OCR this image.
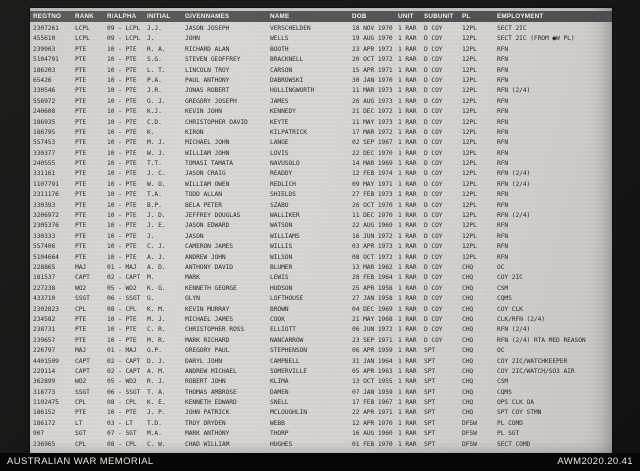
REGTNO	RANK	R/ALPHA	INITIAL	GIVENNAMES	NAME	DOB	UNIT	SUBUNIT	PL	EMPLOYMENT
2307261	LCPL	09 - LCPL	J.J.	JASON JOSEPH	VERSCHELDEN	18 NOV 1970 1 RAR	D COY	12PL	SECT 2IC
455610	LCPL	09 - LCPL	J.	JOHN	WELLS	19 AUG 1970 1 RAR	D COY	12PL	SECT 2IC (FROM ●W PL)
239003	PTE	10 - PTE	R. A.	RICHARD ALAN	BOOTH	23 APR 1972 1 RAR	D COY	12PL	RFN
5104791	PTE	10 - PTE	S.G.	STEVEN GEOFFREY	BRACKNELL	20 OCT 1972 1 RAR	D COY	12PL	RFN
186203	PTE	10 - PTE	L. T.	LINCOLN TROY	CARSON	15 APR 1971 1 RAR	D COY	12PL	RFN
65426	PTE	10 - PTE	P.A.	PAUL ANTHONY	DABROWSKI	30 JAN 1970 1 RAR	D COY	12PL	RFN
330546	PTE	10 - PTE	J.R.	JONAS ROBERT	HOLLINGWORTH	11 MAR 1973 1 RAR	D COY	12PL	RFN (2/4)
556972	PTE	10 - PTE	G. J.	GREGORY JOSEPH	JAMES	26 AUG 1973 1 RAR	D COY	12PL	RFN
240608	PTE	10 - PTE	K.J.	KEVIN JOHN	KENNEDY	21 DEC 1972 1 RAR	D COY	12PL	RFN
186935	PTE	10 - PTE	C.D.	CHRISTOPHER DAVID	KEYTE	11 MAY 1973 1 RAR	D COY	12PL	RFN
186795	PTE	10 - PTE	K.	KIRON	KILPATRICK	17 MAR 1972 1 RAR	D COY	12PL	RFN
557453	PTE	10 - PTE	M. J.	MICHAEL JOHN	LANGE	02 SEP 1967 1 RAR	D COY	12PL	RFN
330377	PTE	10 - PTE	W. J.	WILLIAM JOHN	LOVIS	22 DEC 1970 1 RAR	D COY	12PL	RFN
240555	PTE	10 - PTE	T.T.	TOMASI TAMATA	NAVUSOLO	14 MAR 1969 1 RAR	D COY	12PL	RFN
331161	PTE	10 - PTE	J. C.	JASON CRAIG	READDY	12 FEB 1974 1 RAR	D COY	12PL	RFN (2/4)
1107791	PTE	10 - PTE	W. O.	WILLIAM OWEN	REDLICH	09 MAY 1971 1 RAR	D COY	12PL	RFN (2/4)
2311176	PTE	10 - PTE	T.A.	TODD ALLAN	SHIELDS	27 FEB 1973 1 RAR	D COY	12PL	RFN
330393	PTE	10 - PTE	B.P.	BELA PETER	SZABO	26 OCT 1970 1 RAR	D COY	12PL	RFN
3206972	PTE	10 - PTE	J. D.	JEFFREY DOUGLAS	WALLIKER	11 DEC 1970 1 RAR	D COY	12PL	RFN (2/4)
2305376	PTE	10 - PTE	J. E.	JASON EDWARD	WATSON	22 AUG 1969 1 RAR	D COY	12PL	RFN
330333	PTE	10 - PTE	J.	JASON	WILLIAMS	16 JUN 1972 1 RAR	D COY	12PL	RFN
557406	PTE	10 - PTE	C. J.	CAMERON JAMES	WILLIS	03 APR 1973 1 RAR	D COY	12PL	RFN
5104664	PTE	10 - PTE	A. J.	ANDREW JOHN	WILSON	08 OCT 1972 1 RAR	D COY	12PL	RFN
228865	MAJ	01 - MAJ	A. D.	ANTHONY DAVID	BLUMER	13 MAR 1962 1 RAR	D COY	CHQ	OC
181537	CAPT	02 - CAPT	M.	MARK	LEWIS	28 FEB 1964 1 RAR	D COY	CHQ	COY 2IC
227238	WO2	05 - WO2	K. G.	KENNETH GEORGE	HUDSON	25 APR 1958 1 RAR	D COY	CHQ	CSM
433710	SSGT	06 - SSGT	G.	GLYN	LOFTHOUSE	27 JAN 1958 1 RAR	D COY	CHQ	CQMS
2302823	CPL	08 - CPL	K. M.	KEVIN MURRAY	BROWN	04 DEC 1969 1 RAR	D COY	CHQ	COY CLK
234582	PTE	10 - PTE	M. J.	MICHAEL JAMES	COOK	21 MAY 1968 1 RAR	D COY	CHQ	CLK/RFN (2/4)
238731	PTE	10 - PTE	C. R.	CHRISTOPHER ROSS	ELLIOTT	06 JUN 1972 1 RAR	D COY	CHQ	RFN (2/4)
239657	PTE	10 - PTE	M. R.	MARK RICHARD	NANCARROW	23 SEP 1971 1 RAR	D COY	CHQ	RFN (2/4) RTA MED REASON
226797	MAJ	01 - MAJ	G.P.	GREGORY PAUL	STEPHENSON	06 APR 1959 1 RAR	SPT	CHQ	OC
4401509	CAPT	02 - CAPT	D. J.	DARYL JOHN	CAMPBELL	31 JAN 1964 1 RAR	SPT	CHQ	COY 2IC/WATCHKEEPER
229114	CAPT	02 - CAPT	A. M.	ANDREW MICHAEL	SOMERVILLE	05 APR 1963 1 RAR	SPT	CHQ	COY 2IC/WATCH/SO3 AIR
362899	WO2	05 - WO2	R. J.	ROBERT JOHN	KLIMA	13 OCT 1955 1 RAR	SPT	CHQ	CSM
318773	SSGT	06 - SSGT	T. A.	THOMAS AMBROSE	DAMEN	07 JAN 1959 1 RAR	SPT	CHQ	CQMS
1102475	CPL	08 - CPL	K. E.	KENNETH EDWARD	SNELL	17 FEB 1967 1 RAR	SPT	CHQ	OPS CLK OA
186152	PTE	10 - PTE	J. P.	JOHN PATRICK	MCLOUGHLIN	22 APR 1971 1 RAR	SPT	CHQ	SPT COY STMN
186172	LT	03 - LT	T.D.	TROY DRYDEN	WEBB	12 APR 1970 1 RAR	SPT	DFSW	PL COMD
907	SGT	07 - SGT	M.A.	MARK ANTHONY	THORP	16 AUG 1960 1 RAR	SPT	DFSW	PL SGT
236965	CPL	08 - CPL	C. W.	CHAD WILLIAM	HUGHES	01 FEB 1970 1 RAR	SPT	DFSW	SECT COMD
AUSTRALIAN WAR MEMORIAL	AWM2020.20.41
